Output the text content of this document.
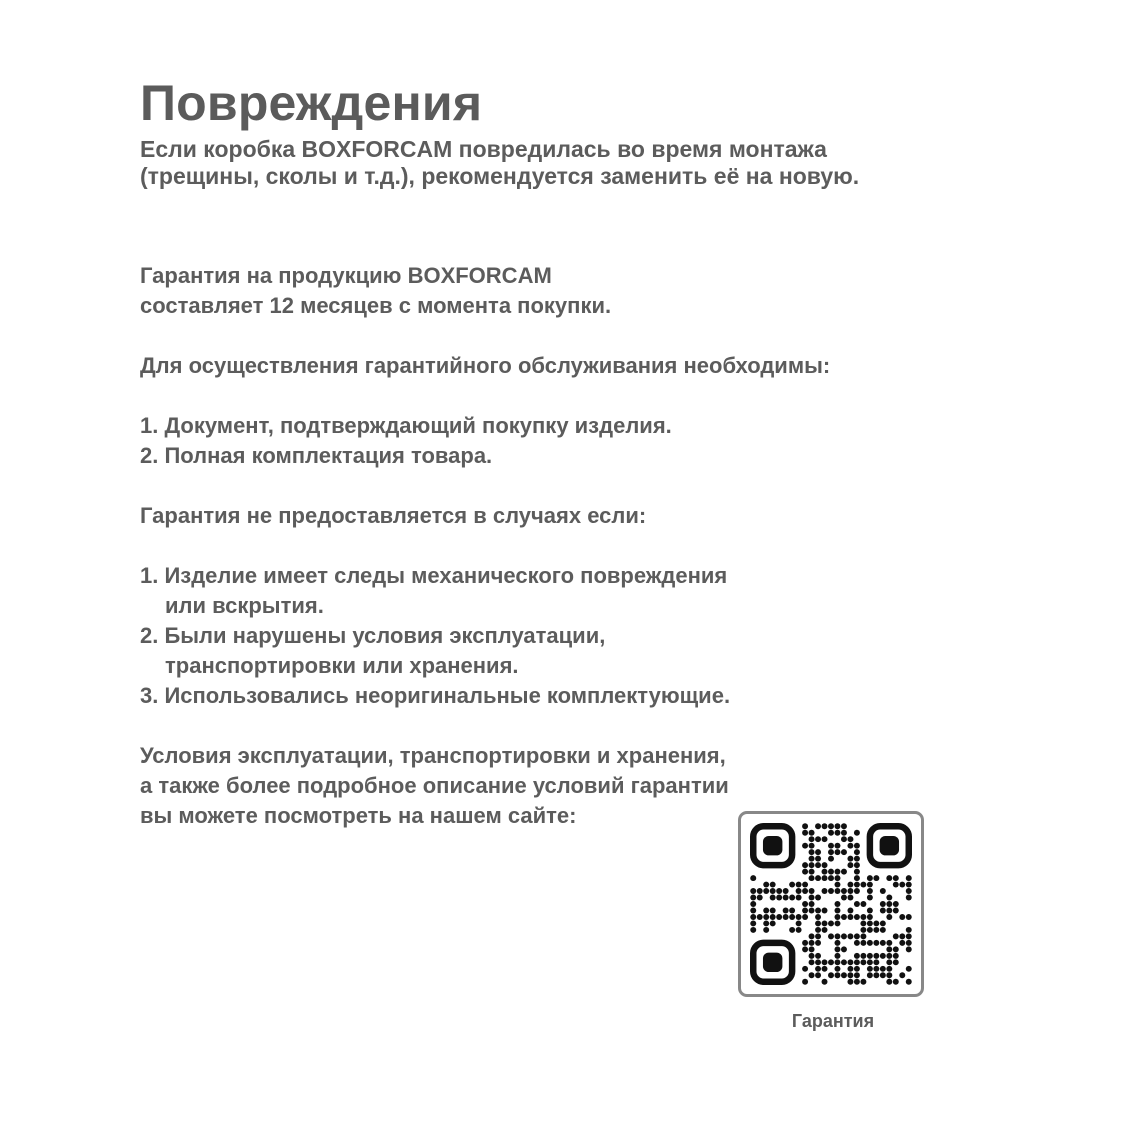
Повреждения
Если коробка BOXFORCAM повредилась во время монтажа
(трещины, сколы и т.д.), рекомендуется заменить её на новую.
Гарантия на продукцию BOXFORCAM
составляет 12 месяцев с момента покупки.
Для осуществления гарантийного обслуживания необходимы:
1. Документ, подтверждающий покупку изделия.
2. Полная комплектация товара.
Гарантия не предоставляется в случаях если:
1. Изделие имеет следы механического повреждения
или вскрытия.
2. Были нарушены условия эксплуатации,
транспортировки или хранения.
3. Использовались неоригинальные комплектующие.
Условия эксплуатации, транспортировки и хранения,
а также более подробное описание условий гарантии
вы можете посмотреть на нашем сайте:
Гарантия
